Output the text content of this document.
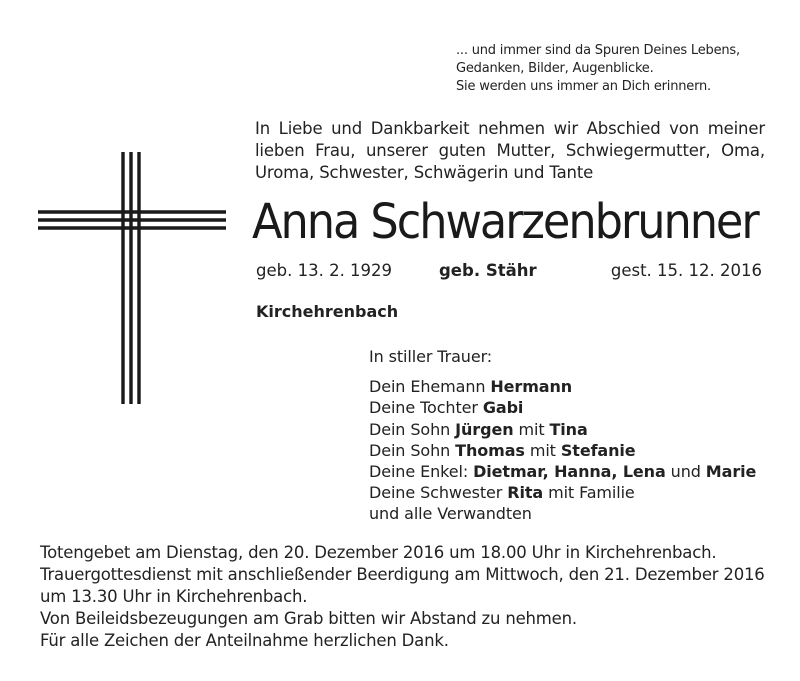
... und immer sind da Spuren Deines Lebens,
Gedanken, Bilder, Augenblicke.
Sie werden uns immer an Dich erinnern.
In Liebe und Dankbarkeit nehmen wir Abschied von meiner
lieben Frau, unserer guten Mutter, Schwiegermutter, Oma,
Uroma, Schwester, Schwägerin und Tante
Anna Schwarzenbrunner
geb. 13. 2. 1929	geb. Stähr	gest. 15. 12. 2016
Kirchehrenbach
In stiller Trauer:
Dein Ehemann Hermann
Deine Tochter Gabi
Dein Sohn Jürgen mit Tina
Dein Sohn Thomas mit Stefanie
Deine Enkel: Dietmar, Hanna, Lena und Marie
Deine Schwester Rita mit Familie
und alle Verwandten
Totengebet am Dienstag, den 20. Dezember 2016 um 18.00 Uhr in Kirchehrenbach.
Trauergottesdienst mit anschließender Beerdigung am Mittwoch, den 21. Dezember 2016
um 13.30 Uhr in Kirchehrenbach.
Von Beileidsbezeugungen am Grab bitten wir Abstand zu nehmen.
Für alle Zeichen der Anteilnahme herzlichen Dank.
